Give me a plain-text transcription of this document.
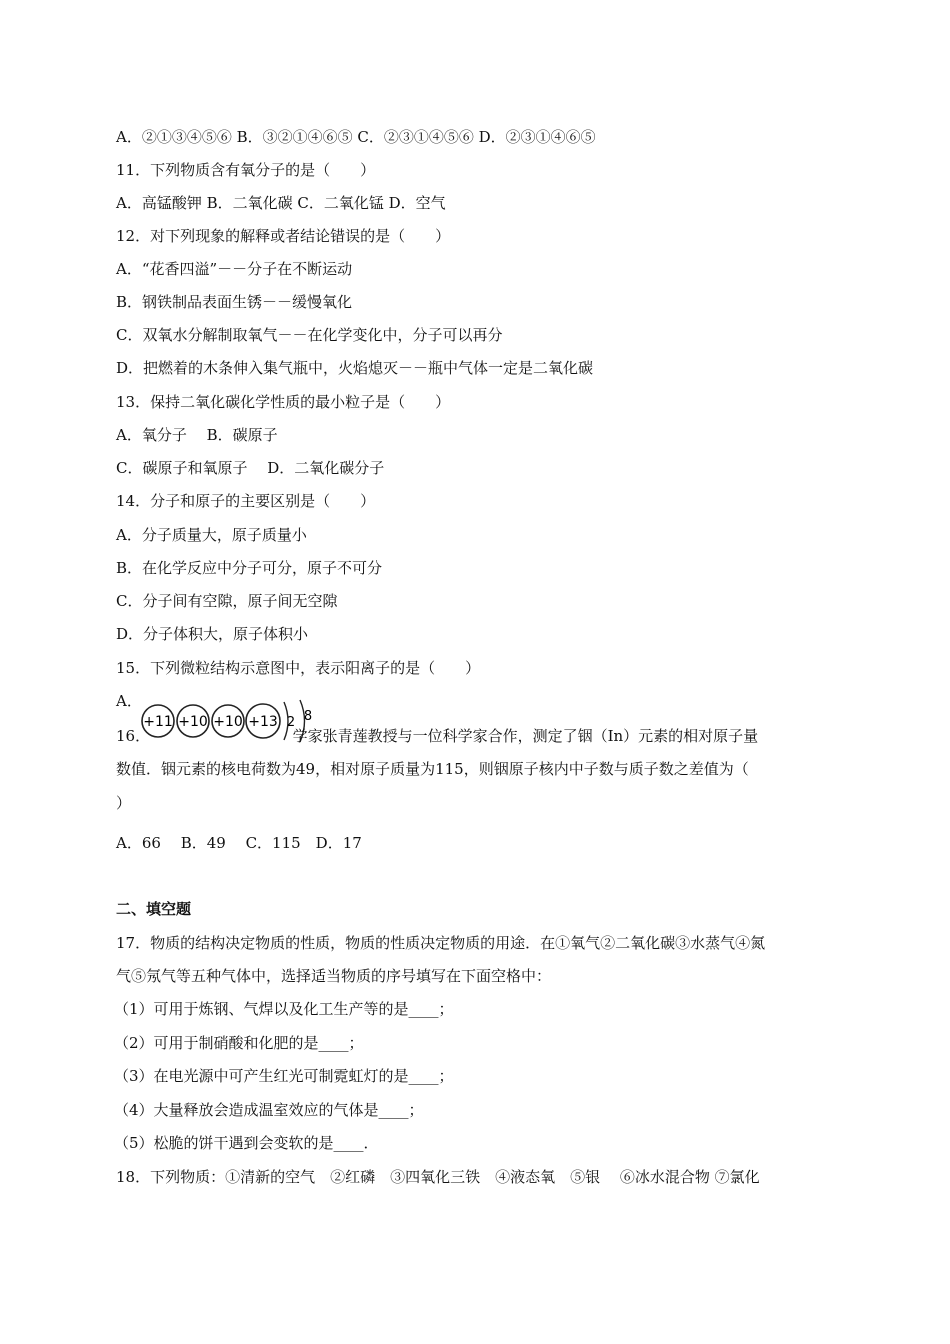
A．②①③④⑤⑥ B．③②①④⑥⑤ C．②③①④⑤⑥ D．②③①④⑥⑤
11．下列物质含有氧分子的是（　　）
A．高锰酸钾 B．二氧化碳 C．二氧化锰 D．空气
12．对下列现象的解释或者结论错误的是（　　）
A．“花香四溢”－－分子在不断运动
B．钢铁制品表面生锈－－缓慢氧化
C．双氧水分解制取氧气－－在化学变化中，分子可以再分
D．把燃着的木条伸入集气瓶中，火焰熄灭－－瓶中气体一定是二氧化碳
13．保持二氧化碳化学性质的最小粒子是（　　）
A．氧分子　 B．碳原子
C．碳原子和氧原子　 D．二氧化碳分子
14．分子和原子的主要区别是（　　）
A．分子质量大，原子质量小
B．在化学反应中分子可分，原子不可分
C．分子间有空隙，原子间无空隙
D．分子体积大，原子体积小
15．下列微粒结构示意图中，表示阳离子的是（　　）
A．
+11 +10 +10 +13 2 8
16．　　　　　　　　　　学家张青莲教授与一位科学家合作，测定了铟（In）元素的相对原子量
数值．铟元素的核电荷数为49，相对原子质量为115，则铟原子核内中子数与质子数之差值为（
）
A．66　 B．49　 C．115　D．17
二、填空题
17．物质的结构决定物质的性质，物质的性质决定物质的用途．在①氧气②二氧化碳③水蒸气④氮
气⑤氖气等五种气体中，选择适当物质的序号填写在下面空格中：
（1）可用于炼钢、气焊以及化工生产等的是____；
（2）可用于制硝酸和化肥的是____；
（3）在电光源中可产生红光可制霓虹灯的是____；
（4）大量释放会造成温室效应的气体是____；
（5）松脆的饼干遇到会变软的是____．
18．下列物质：①清新的空气　②红磷　③四氧化三铁　④液态氧　⑤银　 ⑥冰水混合物 ⑦氯化
